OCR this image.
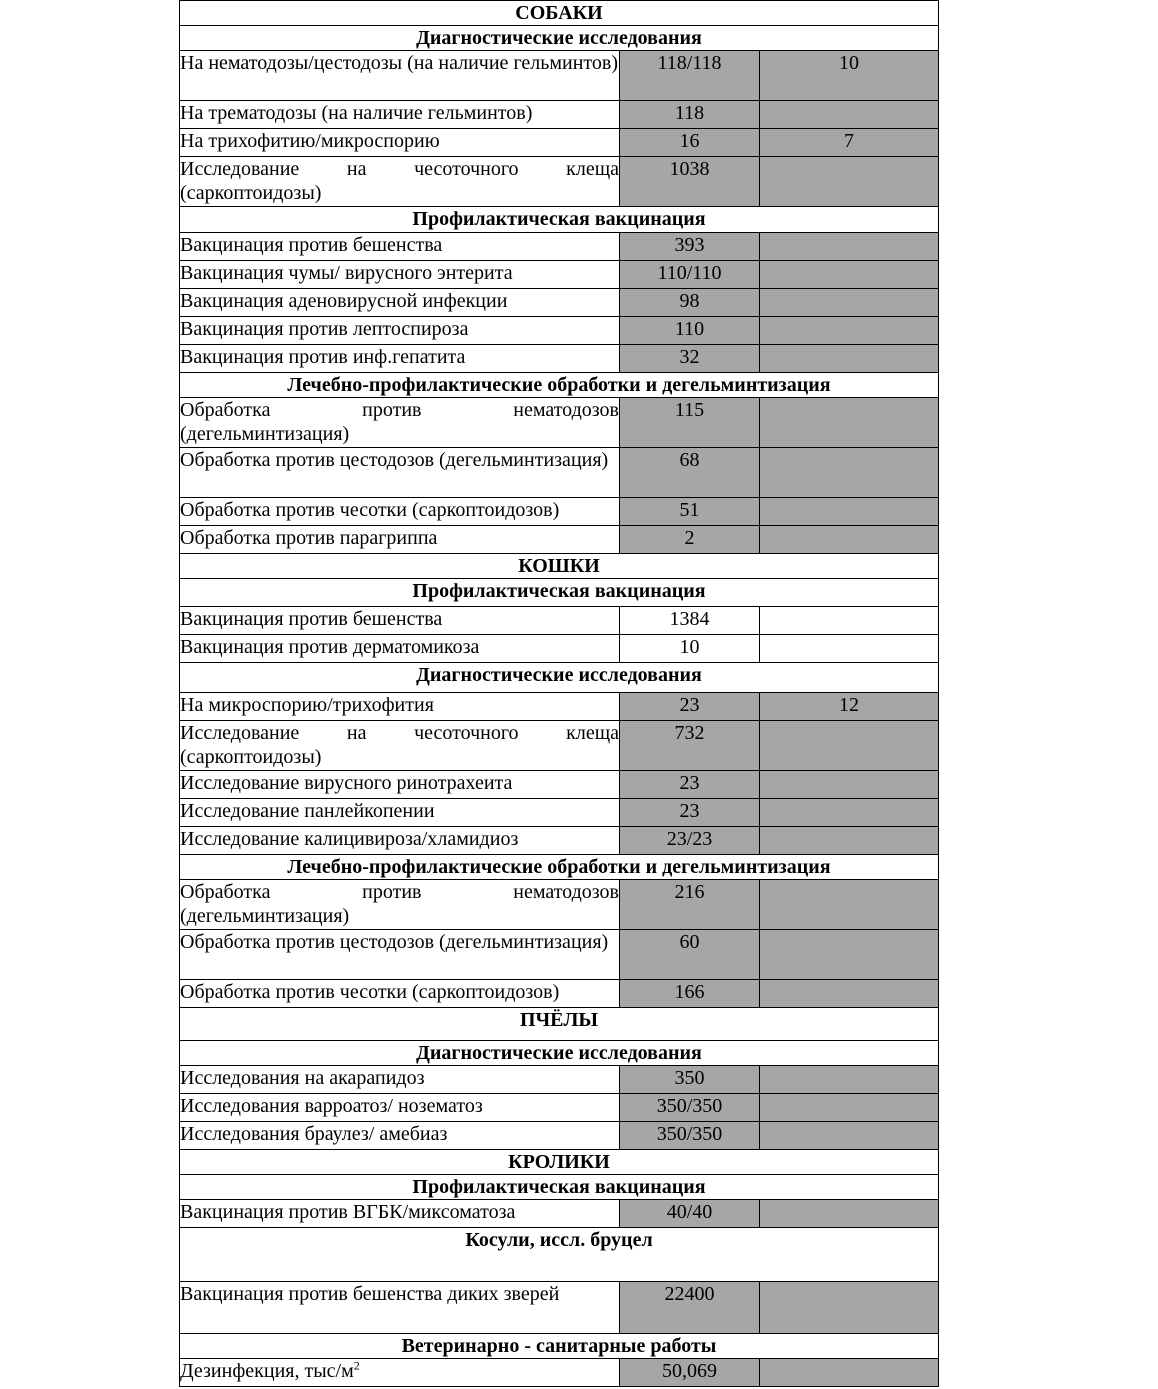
СОБАКИ		
Диагностические исследования		
На нематодозы/цестодозы (на наличие гельминтов)	118/118	10
На трематодозы (на наличие гельминтов)	118	
На трихофитию/микроспорию	16	7
Исследование на чесоточного клеща (саркоптоидозы)	1038	
Профилактическая вакцинация		
Вакцинация против бешенства	393	
Вакцинация чумы/ вирусного энтерита	110/110	
Вакцинация аденовирусной инфекции	98	
Вакцинация против лептоспироза	110	
Вакцинация против инф.гепатита	32	
Лечебно-профилактические обработки и дегельминтизация		
Обработка против нематодозов (дегельминтизация)	115	
Обработка против цестодозов (дегельминтизация)	68	
Обработка против чесотки (саркоптоидозов)	51	
Обработка против парагриппа	2	
КОШКИ		
Профилактическая вакцинация		
Вакцинация против бешенства	1384	
Вакцинация против дерматомикоза	10	
Диагностические исследования		
На микроспорию/трихофития	23	12
Исследование на чесоточного клеща (саркоптоидозы)	732	
Исследование вирусного ринотрахеита	23	
Исследование панлейкопении	23	
Исследование калицивироза/хламидиоз	23/23	
Лечебно-профилактические обработки и дегельминтизация		
Обработка против нематодозов (дегельминтизация)	216	
Обработка против цестодозов (дегельминтизация)	60	
Обработка против чесотки (саркоптоидозов)	166	
ПЧЁЛЫ		
Диагностические исследования		
Исследования на акарапидоз	350	
Исследования варроатоз/ нозематоз	350/350	
Исследования браулез/ амебиаз	350/350	
КРОЛИКИ		
Профилактическая вакцинация		
Вакцинация против ВГБК/миксоматоза	40/40	
Косули, иссл. бруцел		
Вакцинация против бешенства диких зверей	22400	
Ветеринарно - санитарные работы		
Дезинфекция, тыс/$м^2$	50,069	
